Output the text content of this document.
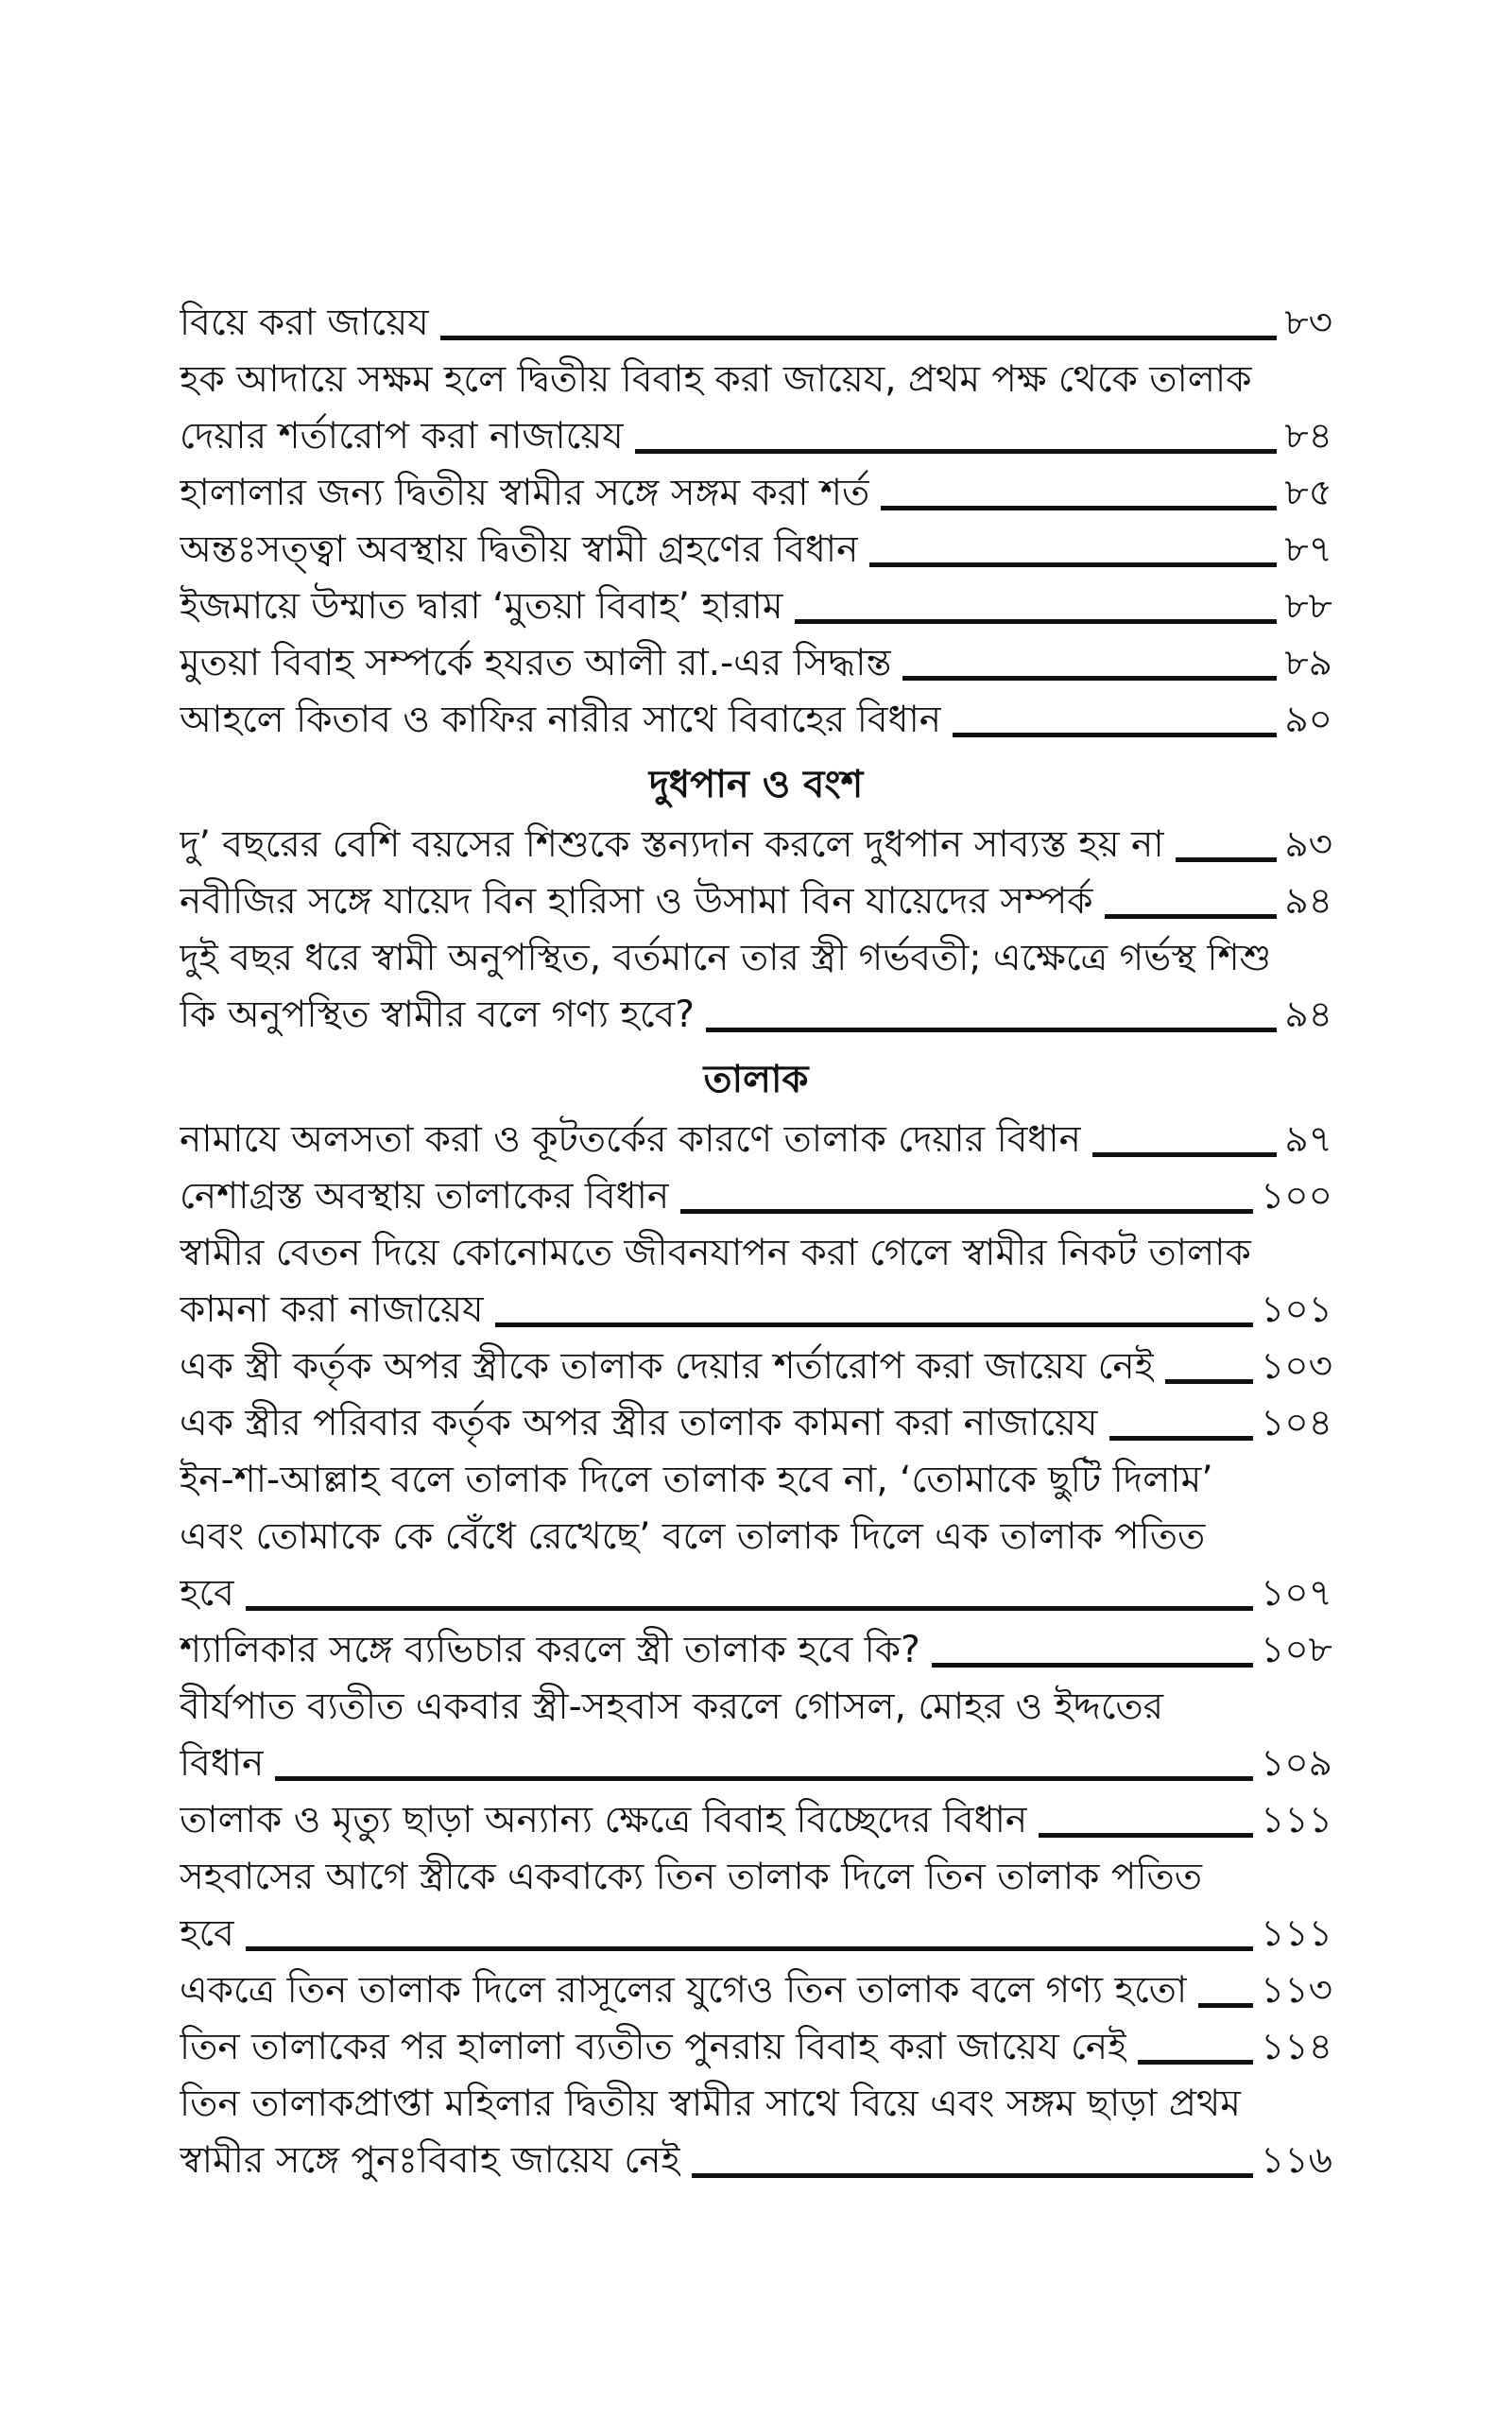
বিয়ে করা জায়েয	৮৩
হক আদায়ে সক্ষম হলে দ্বিতীয় বিবাহ করা জায়েয, প্রথম পক্ষ থেকে তালাক
দেয়ার শর্তারোপ করা নাজায়েয	৮৪
হালালার জন্য দ্বিতীয় স্বামীর সঙ্গে সঙ্গম করা শর্ত	৮৫
অন্তঃসত্ত্বা অবস্থায় দ্বিতীয় স্বামী গ্রহণের বিধান	৮৭
ইজমায়ে উম্মাত দ্বারা ‘মুতয়া বিবাহ’ হারাম	৮৮
মুতয়া বিবাহ সম্পর্কে হযরত আলী রা.-এর সিদ্ধান্ত	৮৯
আহলে কিতাব ও কাফির নারীর সাথে বিবাহের বিধান	৯০
দুধপান ও বংশ
দু’ বছরের বেশি বয়সের শিশুকে স্তন্যদান করলে দুধপান সাব্যস্ত হয় না	৯৩
নবীজির সঙ্গে যায়েদ বিন হারিসা ও উসামা বিন যায়েদের সম্পর্ক	৯৪
দুই বছর ধরে স্বামী অনুপস্থিত, বর্তমানে তার স্ত্রী গর্ভবতী; এক্ষেত্রে গর্ভস্থ শিশু
কি অনুপস্থিত স্বামীর বলে গণ্য হবে?	৯৪
তালাক
নামাযে অলসতা করা ও কূটতর্কের কারণে তালাক দেয়ার বিধান	৯৭
নেশাগ্রস্ত অবস্থায় তালাকের বিধান	১০০
স্বামীর বেতন দিয়ে কোনোমতে জীবনযাপন করা গেলে স্বামীর নিকট তালাক
কামনা করা নাজায়েয	১০১
এক স্ত্রী কর্তৃক অপর স্ত্রীকে তালাক দেয়ার শর্তারোপ করা জায়েয নেই	১০৩
এক স্ত্রীর পরিবার কর্তৃক অপর স্ত্রীর তালাক কামনা করা নাজায়েয	১০৪
ইন-শা-আল্লাহ বলে তালাক দিলে তালাক হবে না, ‘তোমাকে ছুটি দিলাম’
এবং তোমাকে কে বেঁধে রেখেছে’ বলে তালাক দিলে এক তালাক পতিত
হবে	১০৭
শ্যালিকার সঙ্গে ব্যভিচার করলে স্ত্রী তালাক হবে কি?	১০৮
বীর্যপাত ব্যতীত একবার স্ত্রী-সহবাস করলে গোসল, মোহর ও ইদ্দতের
বিধান	১০৯
তালাক ও মৃত্যু ছাড়া অন্যান্য ক্ষেত্রে বিবাহ বিচ্ছেদের বিধান	১১১
সহবাসের আগে স্ত্রীকে একবাক্যে তিন তালাক দিলে তিন তালাক পতিত
হবে	১১১
একত্রে তিন তালাক দিলে রাসূলের যুগেও তিন তালাক বলে গণ্য হতো ১১৩
তিন তালাকের পর হালালা ব্যতীত পুনরায় বিবাহ করা জায়েয নেই	১১৪
তিন তালাকপ্রাপ্তা মহিলার দ্বিতীয় স্বামীর সাথে বিয়ে এবং সঙ্গম ছাড়া প্রথম
স্বামীর সঙ্গে পুনঃবিবাহ জায়েয নেই	১১৬
